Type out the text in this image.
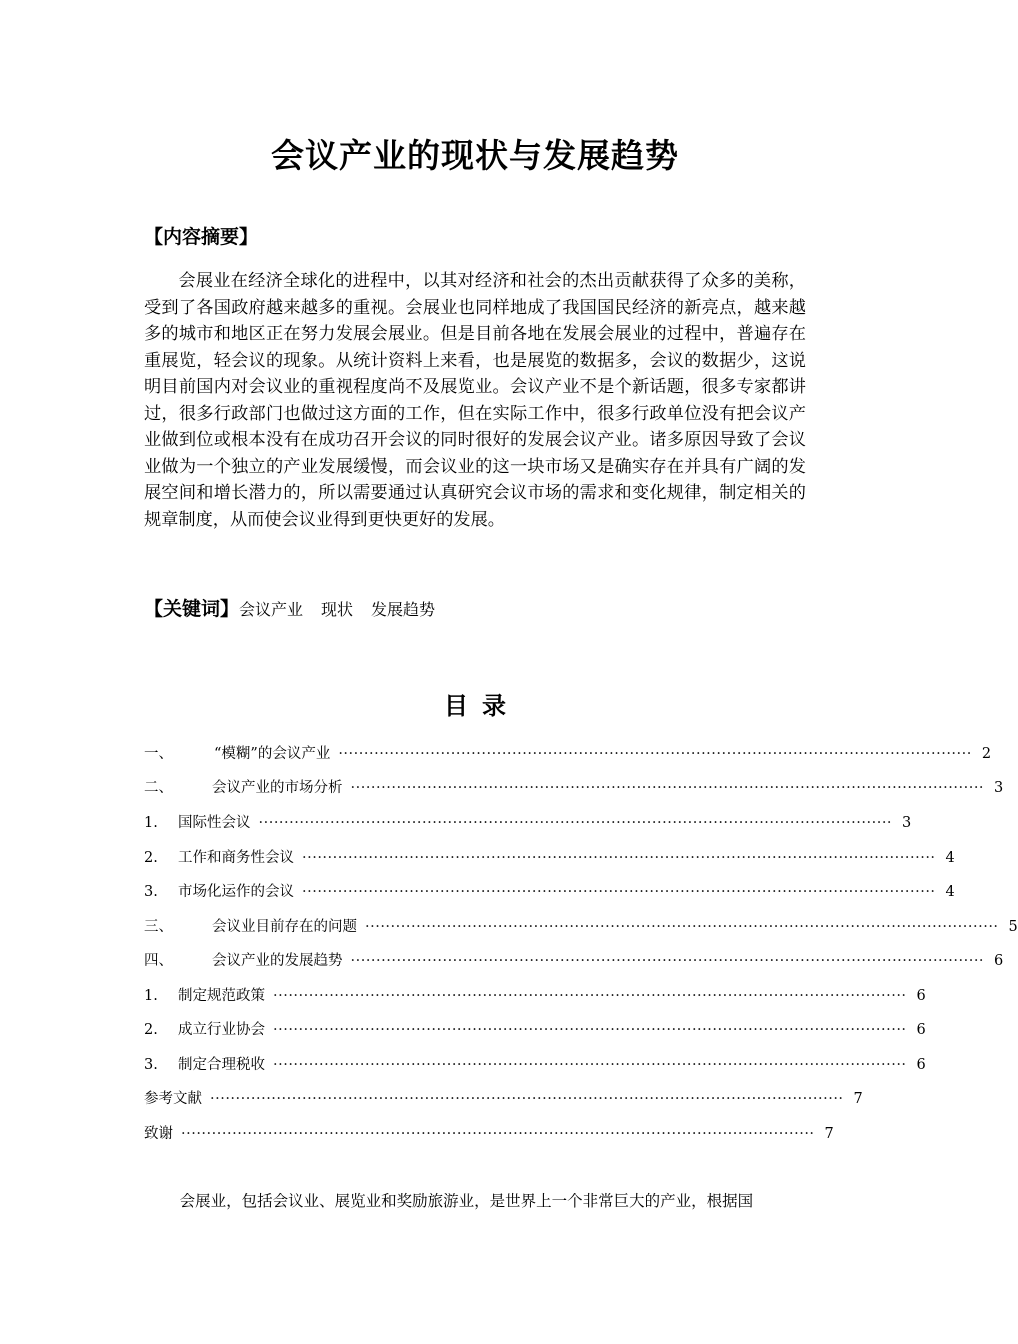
会议产业的现状与发展趋势
【内容摘要】

会展业在经济全球化的进程中，以其对经济和社会的杰出贡献获得了众多的美称，受到了各国政府越来越多的重视。会展业也同样地成了我国国民经济的新亮点，越来越多的城市和地区正在努力发展会展业。但是目前各地在发展会展业的过程中，普遍存在重展览，轻会议的现象。从统计资料上来看，也是展览的数据多，会议的数据少，这说明目前国内对会议业的重视程度尚不及展览业。会议产业不是个新话题，很多专家都讲过，很多行政部门也做过这方面的工作，但在实际工作中，很多行政单位没有把会议产业做到位或根本没有在成功召开会议的同时很好的发展会议产业。诸多原因导致了会议业做为一个独立的产业发展缓慢，而会议业的这一块市场又是确实存在并具有广阔的发展空间和增长潜力的，所以需要通过认真研究会议市场的需求和变化规律，制定相关的规章制度，从而使会议业得到更快更好的发展。

【关键词】会议产业 现状 发展趋势
目录
一、	“模糊”的会议产业 ···························································································································· 2
二、	会议产业的市场分析 ···························································································································· 3
1.	国际性会议 ···························································································································· 3
2.	工作和商务性会议 ···························································································································· 4
3.	市场化运作的会议 ···························································································································· 4
三、	会议业目前存在的问题 ···························································································································· 5
四、	会议产业的发展趋势 ···························································································································· 6
1.	制定规范政策 ···························································································································· 6
2.	成立行业协会 ···························································································································· 6
3.	制定合理税收 ···························································································································· 6
参考文献 ···························································································································· 7
致谢 ···························································································································· 7

会展业，包括会议业、展览业和奖励旅游业，是世界上一个非常巨大的产业，根据国
